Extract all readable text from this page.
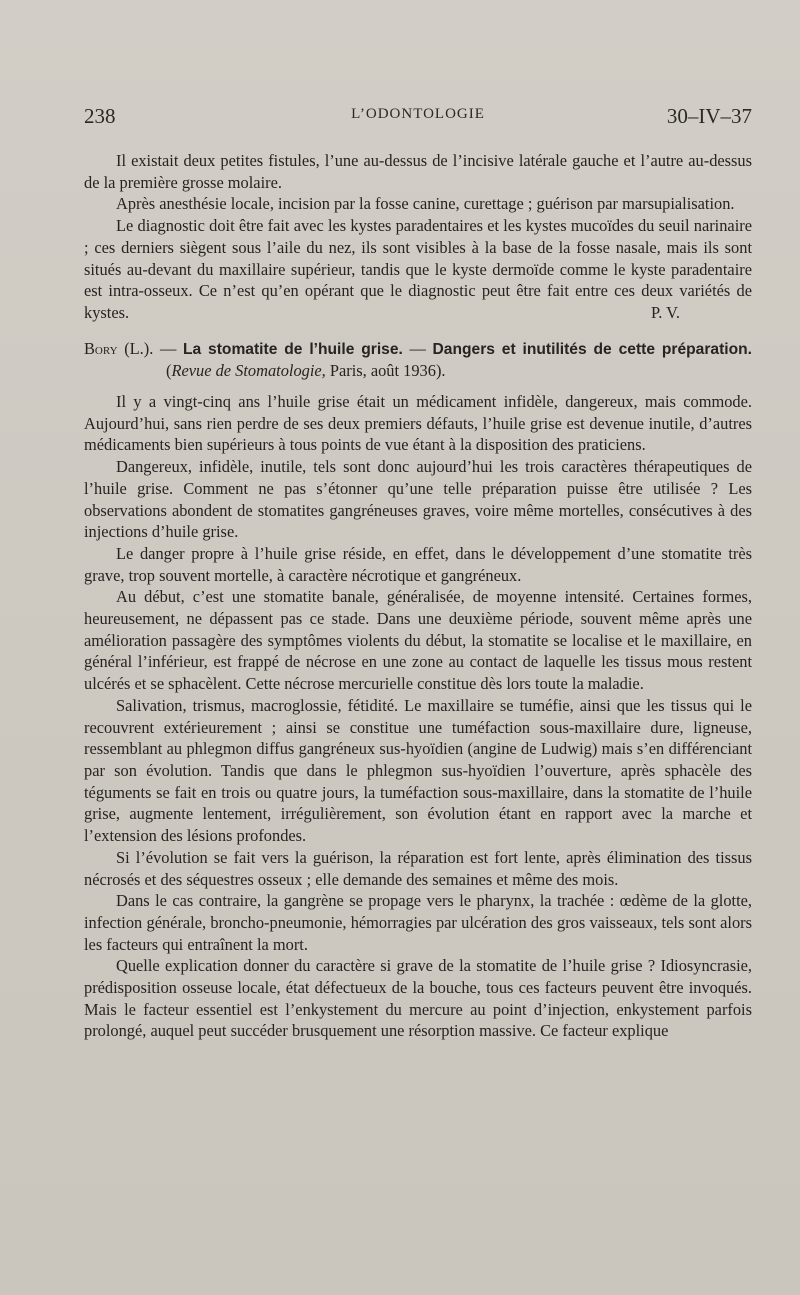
238	L’ODONTOLOGIE	30–IV–37

Il existait deux petites fistules, l’une au-dessus de l’incisive latérale gauche et l’autre au-dessus de la première grosse molaire.

Après anesthésie locale, incision par la fosse canine, curettage ; guérison par marsupialisation.

Le diagnostic doit être fait avec les kystes paradentaires et les kystes mucoïdes du seuil narinaire ; ces derniers siègent sous l’aile du nez, ils sont visibles à la base de la fosse nasale, mais ils sont situés au-devant du maxillaire supérieur, tandis que le kyste dermoïde comme le kyste paradentaire est intra-osseux. Ce n’est qu’en opérant que le diagnostic peut être fait entre ces deux variétés de kystes.	P. V.

Bory (L.). — La stomatite de l’huile grise. — Dangers et inutilités de cette préparation. (Revue de Stomatologie, Paris, août 1936).

Il y a vingt-cinq ans l’huile grise était un médicament infidèle, dangereux, mais commode. Aujourd’hui, sans rien perdre de ses deux premiers défauts, l’huile grise est devenue inutile, d’autres médicaments bien supérieurs à tous points de vue étant à la disposition des praticiens.

Dangereux, infidèle, inutile, tels sont donc aujourd’hui les trois caractères thérapeutiques de l’huile grise. Comment ne pas s’étonner qu’une telle préparation puisse être utilisée ? Les observations abondent de stomatites gangréneuses graves, voire même mortelles, consécutives à des injections d’huile grise.

Le danger propre à l’huile grise réside, en effet, dans le développement d’une stomatite très grave, trop souvent mortelle, à caractère nécrotique et gangréneux.

Au début, c’est une stomatite banale, généralisée, de moyenne intensité. Certaines formes, heureusement, ne dépassent pas ce stade. Dans une deuxième période, souvent même après une amélioration passagère des symptômes violents du début, la stomatite se localise et le maxillaire, en général l’inférieur, est frappé de nécrose en une zone au contact de laquelle les tissus mous restent ulcérés et se sphacèlent. Cette nécrose mercurielle constitue dès lors toute la maladie.

Salivation, trismus, macroglossie, fétidité. Le maxillaire se tuméfie, ainsi que les tissus qui le recouvrent extérieurement ; ainsi se constitue une tuméfaction sous-maxillaire dure, ligneuse, ressemblant au phlegmon diffus gangréneux sus-hyoïdien (angine de Ludwig) mais s’en différenciant par son évolution. Tandis que dans le phlegmon sus-hyoïdien l’ouverture, après sphacèle des téguments se fait en trois ou quatre jours, la tuméfaction sous-maxillaire, dans la stomatite de l’huile grise, augmente lentement, irrégulièrement, son évolution étant en rapport avec la marche et l’extension des lésions profondes.

Si l’évolution se fait vers la guérison, la réparation est fort lente, après élimination des tissus nécrosés et des séquestres osseux ; elle demande des semaines et même des mois.

Dans le cas contraire, la gangrène se propage vers le pharynx, la trachée : œdème de la glotte, infection générale, broncho-pneumonie, hémorragies par ulcération des gros vaisseaux, tels sont alors les facteurs qui entraînent la mort.

Quelle explication donner du caractère si grave de la stomatite de l’huile grise ? Idiosyncrasie, prédisposition osseuse locale, état défectueux de la bouche, tous ces facteurs peuvent être invoqués. Mais le facteur essentiel est l’enkystement du mercure au point d’injection, enkystement parfois prolongé, auquel peut succéder brusquement une résorption massive. Ce facteur explique
